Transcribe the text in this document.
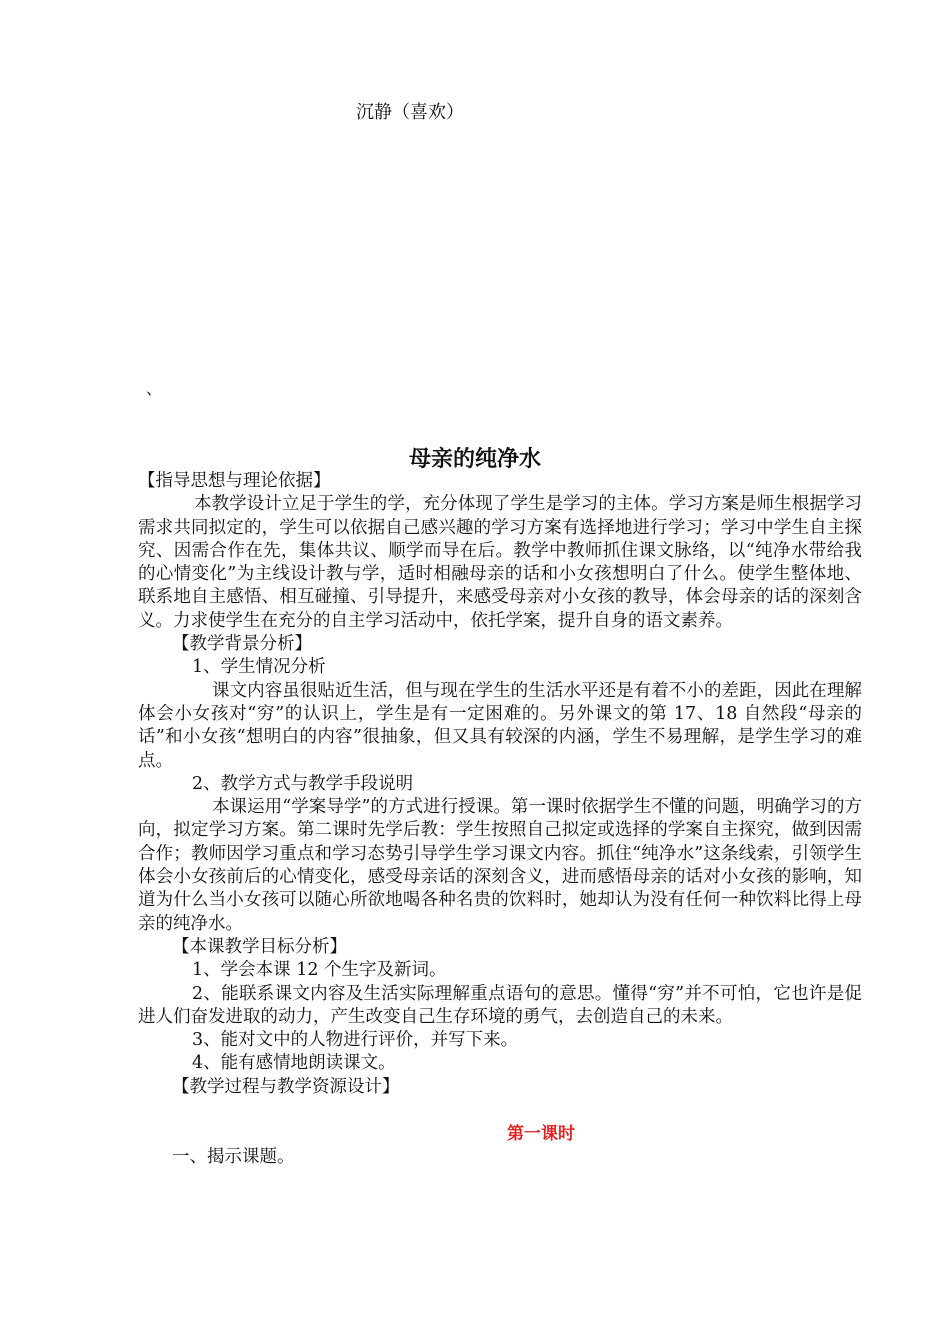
沉静（喜欢）
、
母亲的纯净水

【指导思想与理论依据】

本教学设计立足于学生的学，充分体现了学生是学习的主体。学习方案是师生根据学习需求共同拟定的，学生可以依据自己感兴趣的学习方案有选择地进行学习；学习中学生自主探究、因需合作在先，集体共议、顺学而导在后。教学中教师抓住课文脉络，以“纯净水带给我的心情变化”为主线设计教与学，适时相融母亲的话和小女孩想明白了什么。使学生整体地、联系地自主感悟、相互碰撞、引导提升，来感受母亲对小女孩的教导，体会母亲的话的深刻含义。力求使学生在充分的自主学习活动中，依托学案，提升自身的语文素养。

【教学背景分析】

1、学生情况分析

课文内容虽很贴近生活，但与现在学生的生活水平还是有着不小的差距，因此在理解体会小女孩对“穷”的认识上，学生是有一定困难的。另外课文的第 17、18 自然段“母亲的话”和小女孩“想明白的内容”很抽象，但又具有较深的内涵，学生不易理解，是学生学习的难点。

2、教学方式与教学手段说明

本课运用“学案导学”的方式进行授课。第一课时依据学生不懂的问题，明确学习的方向，拟定学习方案。第二课时先学后教：学生按照自己拟定或选择的学案自主探究，做到因需合作；教师因学习重点和学习态势引导学生学习课文内容。抓住“纯净水”这条线索，引领学生体会小女孩前后的心情变化，感受母亲话的深刻含义，进而感悟母亲的话对小女孩的影响，知道为什么当小女孩可以随心所欲地喝各种名贵的饮料时，她却认为没有任何一种饮料比得上母亲的纯净水。

【本课教学目标分析】

1、学会本课 12 个生字及新词。

2、能联系课文内容及生活实际理解重点语句的意思。懂得“穷”并不可怕，它也许是促进人们奋发进取的动力，产生改变自己生存环境的勇气，去创造自己的未来。

3、能对文中的人物进行评价，并写下来。

4、能有感情地朗读课文。

【教学过程与教学资源设计】

第一课时

一、揭示课题。
